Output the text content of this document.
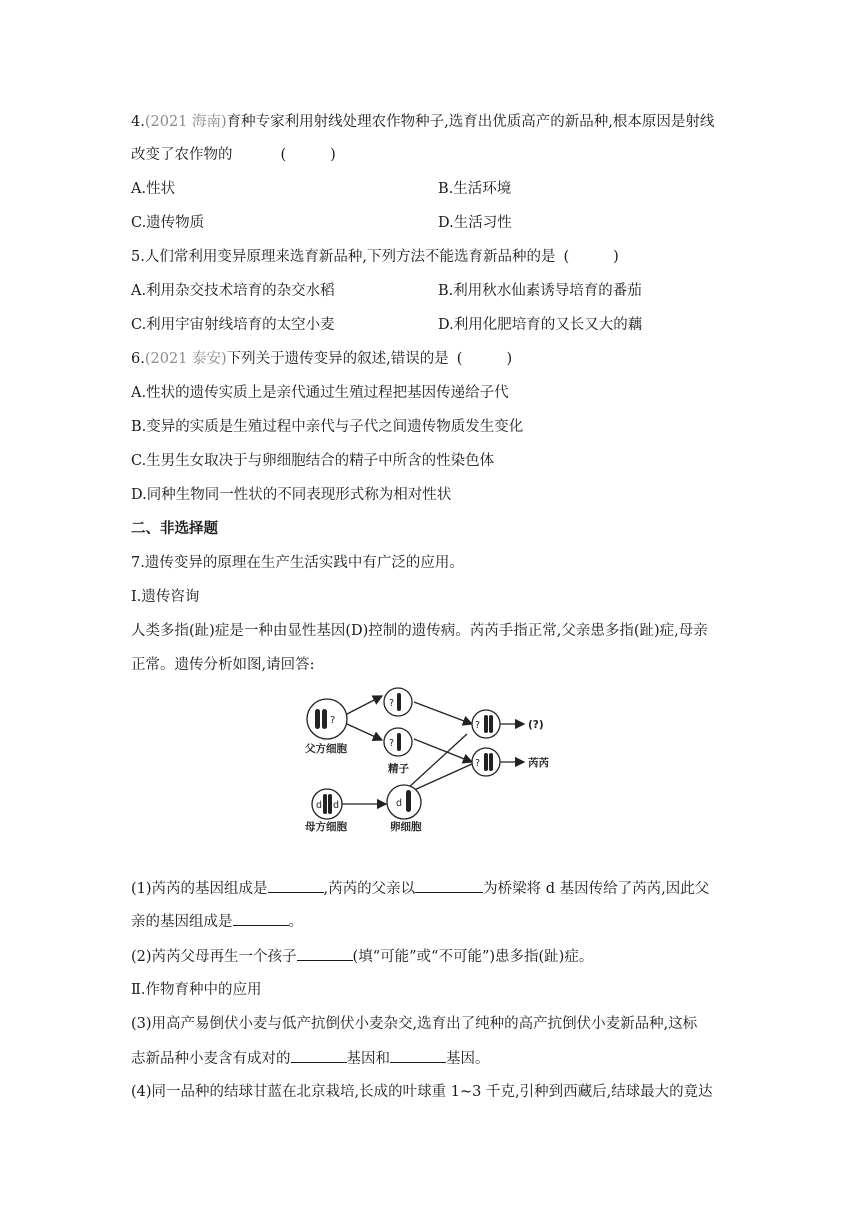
4.(2021 海南)育种专家利用射线处理农作物种子,选育出优质高产的新品种,根本原因是射线
改变了农作物的	(	)
A.性状	B.生活环境
C.遗传物质	D.生活习性
5.人们常利用变异原理来选育新品种,下列方法不能选育新品种的是 (	)
A.利用杂交技术培育的杂交水稻	B.利用秋水仙素诱导培育的番茄
C.利用宇宙射线培育的太空小麦	D.利用化肥培育的又长又大的藕
6.(2021 泰安)下列关于遗传变异的叙述,错误的是 (	)
A.性状的遗传实质上是亲代通过生殖过程把基因传递给子代
B.变异的实质是生殖过程中亲代与子代之间遗传物质发生变化
C.生男生女取决于与卵细胞结合的精子中所含的性染色体
D.同种生物同一性状的不同表现形式称为相对性状
二、非选择题
7.遗传变异的原理在生产生活实践中有广泛的应用。
Ⅰ.遗传咨询
人类多指(趾)症是一种由显性基因(D)控制的遗传病。芮芮手指正常,父亲患多指(趾)症,母亲
正常。遗传分析如图,请回答:
?
父方细胞
?
?
精子
d d
母方细胞
d
卵细胞
?	(?)
?	芮芮
(1)芮芮的基因组成是	,芮芮的父亲以	为桥梁将 d 基因传给了芮芮,因此父
亲的基因组成是	。
(2)芮芮父母再生一个孩子	(填“可能”或“不可能”)患多指(趾)症。
Ⅱ.作物育种中的应用
(3)用高产易倒伏小麦与低产抗倒伏小麦杂交,选育出了纯种的高产抗倒伏小麦新品种,这标
志新品种小麦含有成对的	基因和	基因。
(4)同一品种的结球甘蓝在北京栽培,长成的叶球重 1~3 千克,引种到西藏后,结球最大的竟达
